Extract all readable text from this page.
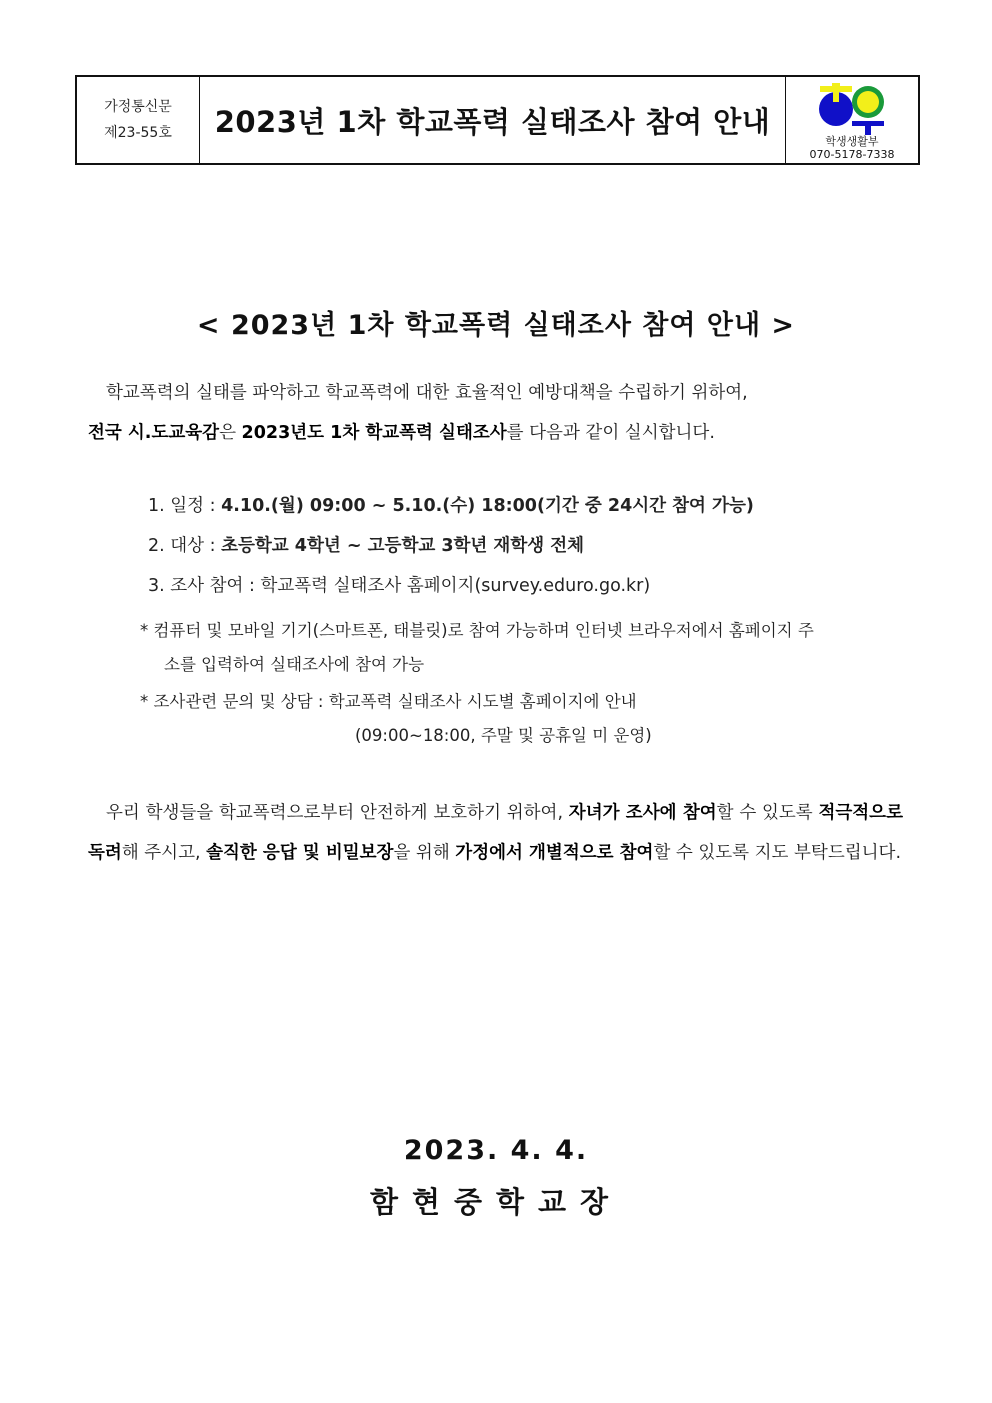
가정통신문
제23-55호	2023년 1차 학교폭력 실태조사 참여 안내
학생생활부
070-5178-7338
< 2023년 1차 학교폭력 실태조사 참여 안내 >
학교폭력의 실태를 파악하고 학교폭력에 대한 효율적인 예방대책을 수립하기 위하여,
전국 시.도교육감은 2023년도 1차 학교폭력 실태조사를 다음과 같이 실시합니다.
1. 일정 : 4.10.(월) 09:00 ~ 5.10.(수) 18:00(기간 중 24시간 참여 가능)
2. 대상 : 초등학교 4학년 ~ 고등학교 3학년 재학생 전체
3. 조사 참여 : 학교폭력 실태조사 홈페이지(survey.eduro.go.kr)
* 컴퓨터 및 모바일 기기(스마트폰, 태블릿)로 참여 가능하며 인터넷 브라우저에서 홈페이지 주
소를 입력하여 실태조사에 참여 가능
* 조사관련 문의 및 상담 : 학교폭력 실태조사 시도별 홈페이지에 안내
(09:00~18:00, 주말 및 공휴일 미 운영)
우리 학생들을 학교폭력으로부터 안전하게 보호하기 위하여, 자녀가 조사에 참여할 수 있도록 적극적으로 독려해 주시고, 솔직한 응답 및 비밀보장을 위해 가정에서 개별적으로 참여할 수 있도록 지도 부탁드립니다.
2023. 4. 4.
함현중학교장
